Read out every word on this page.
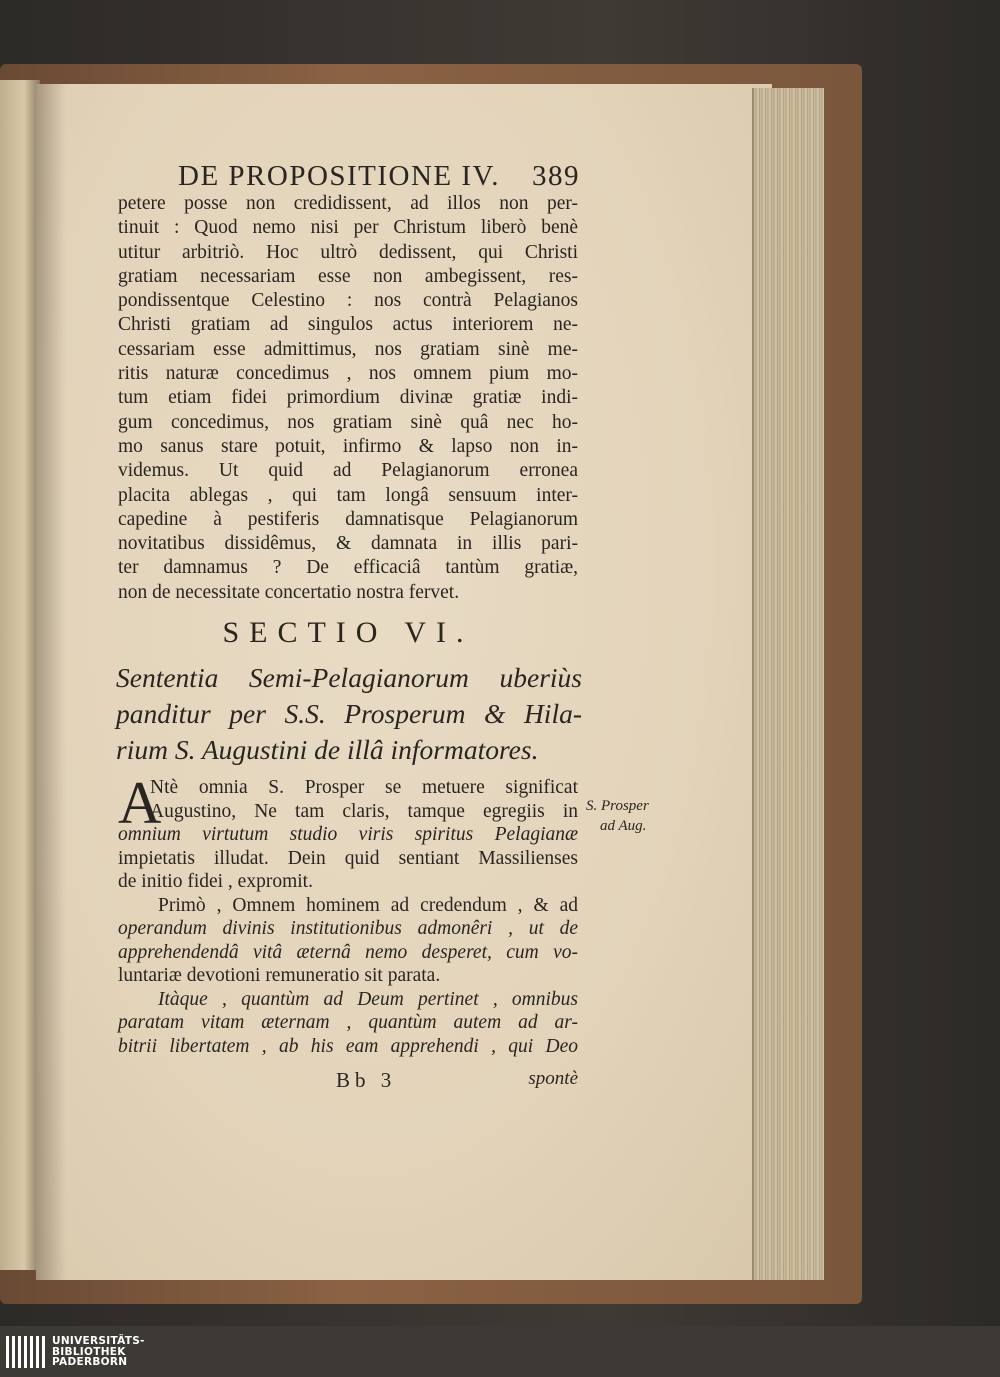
DE PROPOSITIONE IV. 389
petere posse non credidissent, ad illos non per-
tinuit : Quod nemo nisi per Christum liberò benè
utitur arbitriò. Hoc ultrò dedissent, qui Christi
gratiam necessariam esse non ambegissent, res-
pondissentque Celestino : nos contrà Pelagianos
Christi gratiam ad singulos actus interiorem ne-
cessariam esse admittimus, nos gratiam sinè me-
ritis naturæ concedimus , nos omnem pium mo-
tum etiam fidei primordium divinæ gratiæ indi-
gum concedimus, nos gratiam sinè quâ nec ho-
mo sanus stare potuit, infirmo & lapso non in-
videmus. Ut quid ad Pelagianorum erronea
placita ablegas , qui tam longâ sensuum inter-
capedine à pestiferis damnatisque Pelagianorum
novitatibus dissidêmus, & damnata in illis pari-
ter damnamus ? De efficaciâ tantùm gratiæ,
non de necessitate concertatio nostra fervet.
SECTIO VI.
Sententia Semi-Pelagianorum uberiùs
panditur per S.S. Prosperum & Hila-
rium S. Augustini de illâ informatores.
A
Ntè omnia S. Prosper se metuere significat
Augustino, Ne tam claris, tamque egregiis in
omnium virtutum studio viris spiritus Pelagianæ
impietatis illudat. Dein quid sentiant Massilienses
de initio fidei , expromit.
Primò , Omnem hominem ad credendum , & ad
operandum divinis institutionibus admonêri , ut de
apprehendendâ vitâ æternâ nemo desperet, cum vo-
luntariæ devotioni remuneratio sit parata.
Itàque , quantùm ad Deum pertinet , omnibus
paratam vitam æternam , quantùm autem ad ar-
bitrii libertatem , ab his eam apprehendi , qui Deo
S. Prosper
ad Aug.
Bb 3	spontè
UNIVERSITÄTS-
BIBLIOTHEK
PADERBORN
